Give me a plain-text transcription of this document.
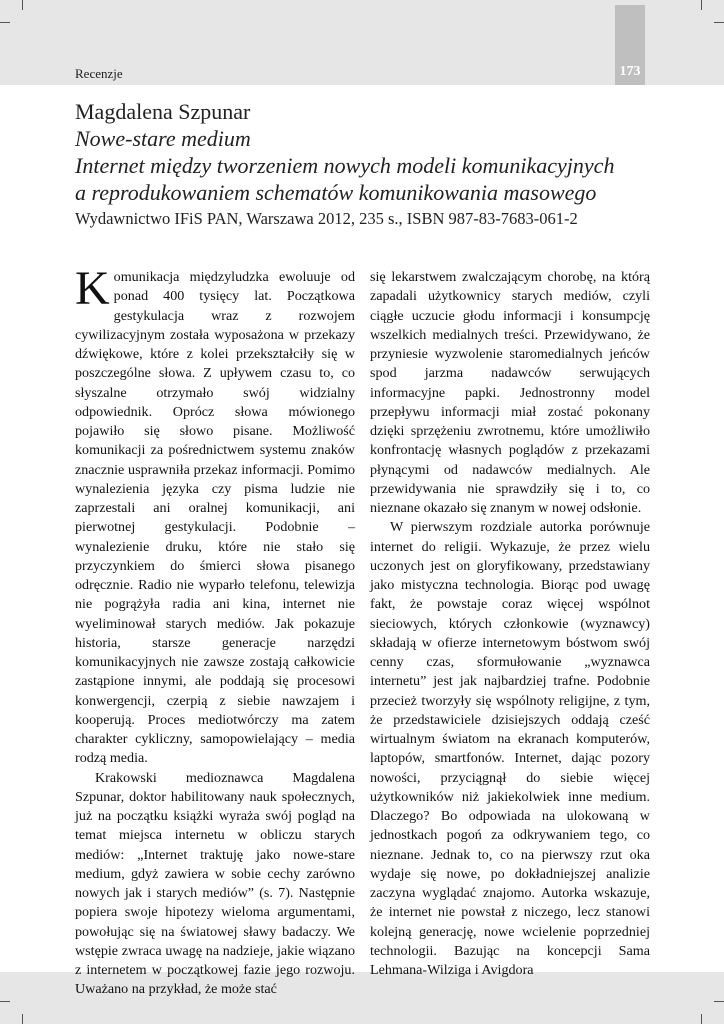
173
Recenzje
Magdalena Szpunar
Nowe-stare medium
Internet między tworzeniem nowych modeli komunikacyjnych
a reprodukowaniem schematów komunikowania masowego
Wydawnictwo IFiS PAN, Warszawa 2012, 235 s., ISBN 987-83-7683-061-2

Komunikacja międzyludzka ewoluuje od ponad 400 tysięcy lat. Początkowa gestykulacja wraz z rozwojem cywilizacyjnym została wyposażona w przekazy dźwiękowe, które z kolei przekształciły się w poszczególne słowa. Z upływem czasu to, co słyszalne otrzymało swój widzialny odpowiednik. Oprócz słowa mówionego pojawiło się słowo pisane. Możliwość komunikacji za pośrednictwem systemu znaków znacznie usprawniła przekaz informacji. Pomimo wynalezienia języka czy pisma ludzie nie zaprzestali ani oralnej komunikacji, ani pierwotnej gestykulacji. Podobnie – wynalezienie druku, które nie stało się przyczynkiem do śmierci słowa pisanego odręcznie. Radio nie wyparło telefonu, telewizja nie pogrążyła radia ani kina, internet nie wyeliminował starych mediów. Jak pokazuje historia, starsze generacje narzędzi komunikacyjnych nie zawsze zostają całkowicie zastąpione innymi, ale poddają się procesowi konwergencji, czerpią z siebie nawzajem i kooperują. Proces mediotwórczy ma zatem charakter cykliczny, samopowielający – media rodzą media.

Krakowski medioznawca Magdalena Szpunar, doktor habilitowany nauk społecznych, już na początku książki wyraża swój pogląd na temat miejsca internetu w obliczu starych mediów: „Internet traktuję jako nowe-stare medium, gdyż zawiera w sobie cechy zarówno nowych jak i starych mediów” (s. 7). Następnie popiera swoje hipotezy wieloma argumentami, powołując się na światowej sławy badaczy. We wstępie zwraca uwagę na nadzieje, jakie wiązano z internetem w początkowej fazie jego rozwoju. Uważano na przykład, że może stać

się lekarstwem zwalczającym chorobę, na którą zapadali użytkownicy starych mediów, czyli ciągłe uczucie głodu informacji i konsumpcję wszelkich medialnych treści. Przewidywano, że przyniesie wyzwolenie staromedialnych jeńców spod jarzma nadawców serwujących informacyjne papki. Jednostronny model przepływu informacji miał zostać pokonany dzięki sprzężeniu zwrotnemu, które umożliwiło konfrontację własnych poglądów z przekazami płynącymi od nadawców medialnych. Ale przewidywania nie sprawdziły się i to, co nieznane okazało się znanym w nowej odsłonie.

W pierwszym rozdziale autorka porównuje internet do religii. Wykazuje, że przez wielu uczonych jest on gloryfikowany, przedstawiany jako mistyczna technologia. Biorąc pod uwagę fakt, że powstaje coraz więcej wspólnot sieciowych, których członkowie (wyznawcy) składają w ofierze internetowym bóstwom swój cenny czas, sformułowanie „wyznawca internetu” jest jak najbardziej trafne. Podobnie przecież tworzyły się wspólnoty religijne, z tym, że przedstawiciele dzisiejszych oddają cześć wirtualnym światom na ekranach komputerów, laptopów, smartfonów. Internet, dając pozory nowości, przyciągnął do siebie więcej użytkowników niż jakiekolwiek inne medium. Dlaczego? Bo odpowiada na ulokowaną w jednostkach pogoń za odkrywaniem tego, co nieznane. Jednak to, co na pierwszy rzut oka wydaje się nowe, po dokładniejszej analizie zaczyna wyglądać znajomo. Autorka wskazuje, że internet nie powstał z niczego, lecz stanowi kolejną generację, nowe wcielenie poprzedniej technologii. Bazując na koncepcji Sama Lehmana-Wilziga i Avigdora
